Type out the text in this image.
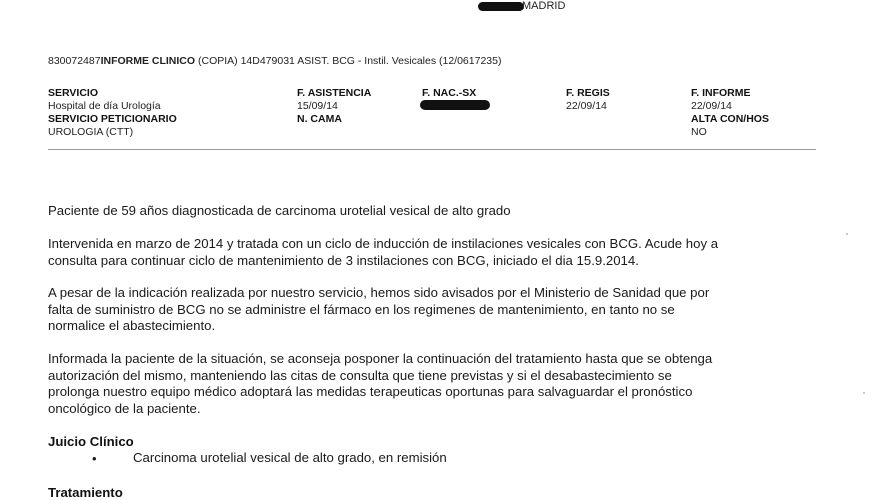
MADRID
830072487INFORME CLINICO (COPIA) 14D479031 ASIST. BCG - Instil. Vesicales (12/0617235)
SERVICIO
Hospital de día Urología
SERVICIO PETICIONARIO
UROLOGIA (CTT)
F. ASISTENCIA
15/09/14
N. CAMA
F. NAC.-SX	F. REGIS
22/09/14
F. INFORME
22/09/14
ALTA CON/HOS
NO
Paciente de 59 años diagnosticada de carcinoma urotelial vesical de alto grado
Intervenida en marzo de 2014 y tratada con un ciclo de inducción de instilaciones vesicales con BCG. Acude hoy a
consulta para continuar ciclo de mantenimiento de 3 instilaciones con BCG, iniciado el dia 15.9.2014.
A pesar de la indicación realizada por nuestro servicio, hemos sido avisados por el Ministerio de Sanidad que por
falta de suministro de BCG no se administre el fármaco en los regimenes de mantenimiento, en tanto no se
normalice el abastecimiento.
Informada la paciente de la situación, se aconseja posponer la continuación del tratamiento hasta que se obtenga
autorización del mismo, manteniendo las citas de consulta que tiene previstas y si el desabastecimiento se
prolonga nuestro equipo médico adoptará las medidas terapeuticas oportunas para salvaguardar el pronóstico
oncológico de la paciente.
Juicio Clínico
•	Carcinoma urotelial vesical de alto grado, en remisión
Tratamiento
